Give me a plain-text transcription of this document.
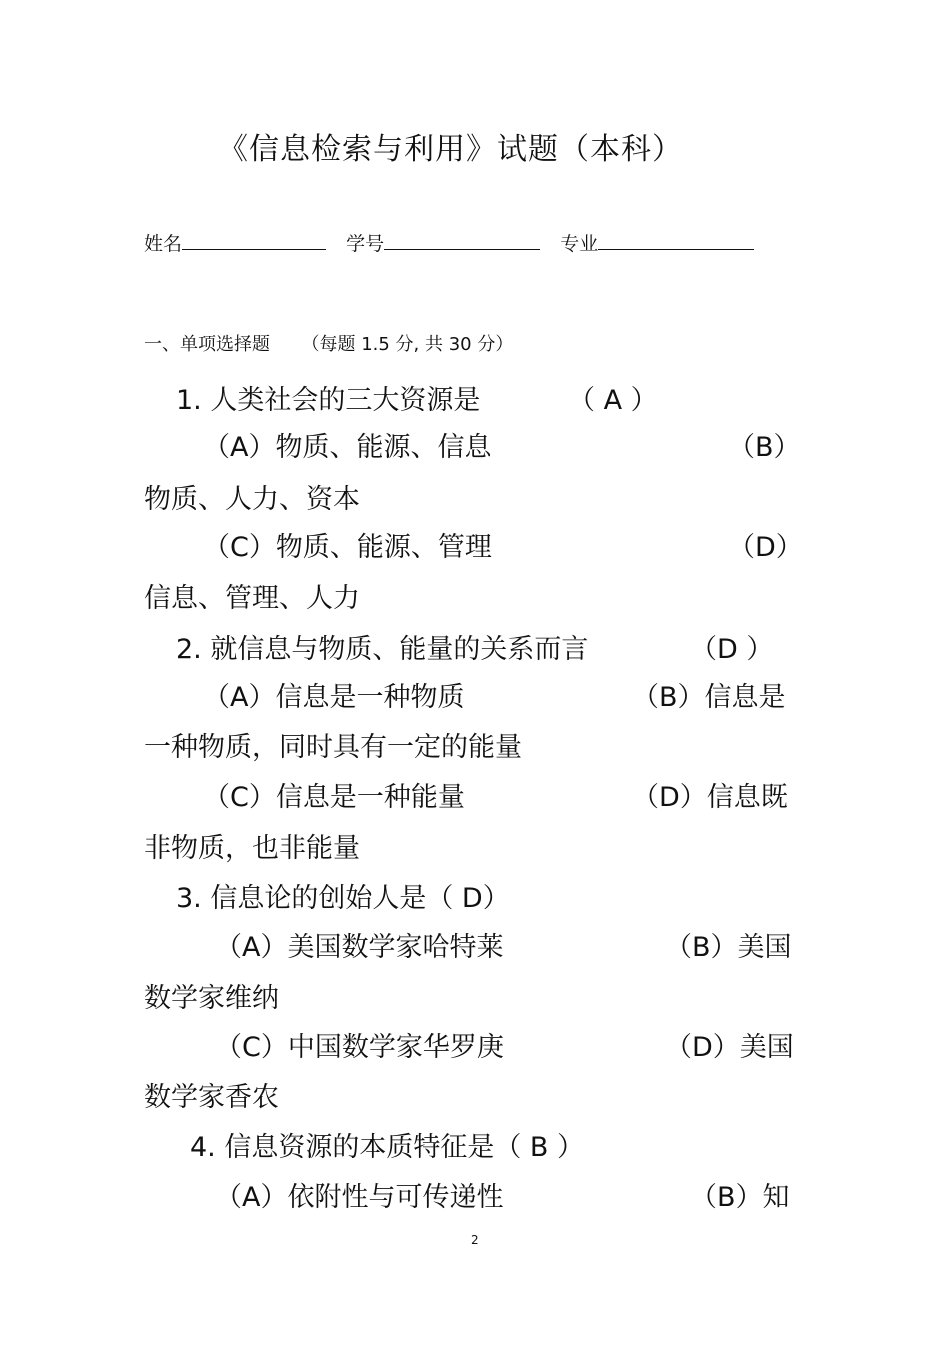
《信息检索与利用》试题（本科）
姓名	学号	专业
一、单项选择题 （每题 1.5 分, 共 30 分）
1. 人类社会的三大资源是	（ A ）
（A）物质、能源、信息	（B）
物质、人力、资本
（C）物质、能源、管理	（D）
信息、管理、人力
2. 就信息与物质、能量的关系而言	（D ）
（A）信息是一种物质	（B）信息是
一种物质，同时具有一定的能量
（C）信息是一种能量	（D）信息既
非物质，也非能量
3. 信息论的创始人是（ D）
（A）美国数学家哈特莱	（B）美国
数学家维纳
（C）中国数学家华罗庚	（D）美国
数学家香农
4. 信息资源的本质特征是（ B ）
（A）依附性与可传递性	（B）知
2
